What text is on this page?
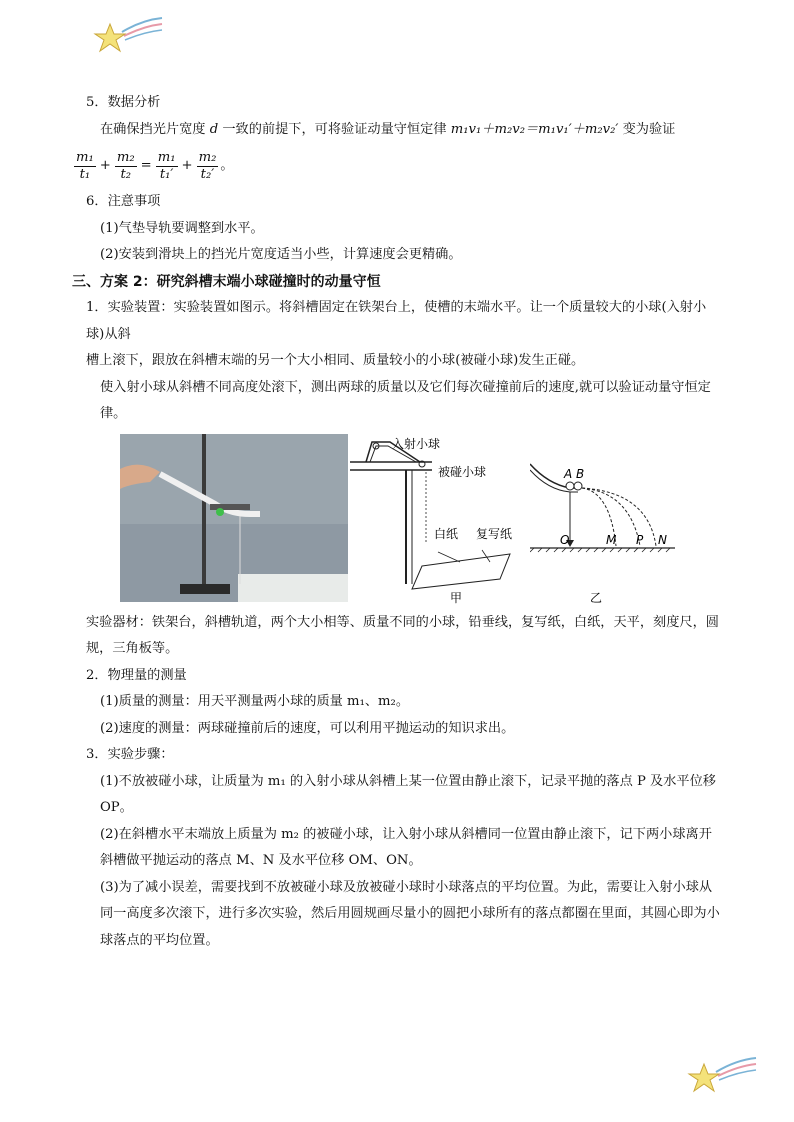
5．数据分析

在确保挡光片宽度 d 一致的前提下，可将验证动量守恒定律 m₁v₁＋m₂v₂＝m₁v₁′＋m₂v₂′ 变为验证

$\frac{\text{m₁}}{\text{t₁}} + \frac{\text{m₂}}{\text{t₂}} = \frac{\text{m₁}}{\text{t₁′}} + \frac{\text{m₂}}{\text{t₂′}}$ 。

6．注意事项

(1)气垫导轨要调整到水平。

(2)安装到滑块上的挡光片宽度适当小些，计算速度会更精确。

三、方案 2：研究斜槽末端小球碰撞时的动量守恒

1．实验装置：实验装置如图示。将斜槽固定在铁架台上，使槽的末端水平。让一个质量较大的小球(入射小球)从斜

槽上滚下，跟放在斜槽末端的另一个大小相同、质量较小的小球(被碰小球)发生正碰。

使入射小球从斜槽不同高度处滚下，测出两球的质量以及它们每次碰撞前后的速度,就可以验证动量守恒定律。

入射小球
被碰小球
白纸 复写纸
甲
A B
O	M P N
乙

实验器材：铁架台，斜槽轨道，两个大小相等、质量不同的小球，铅垂线，复写纸，白纸，天平，刻度尺，圆规，三角板等。

2．物理量的测量

(1)质量的测量：用天平测量两小球的质量 m₁、m₂。

(2)速度的测量：两球碰撞前后的速度，可以利用平抛运动的知识求出。

3．实验步骤：

(1)不放被碰小球，让质量为 m₁ 的入射小球从斜槽上某一位置由静止滚下，记录平抛的落点 P 及水平位移 OP。

(2)在斜槽水平末端放上质量为 m₂ 的被碰小球，让入射小球从斜槽同一位置由静止滚下，记下两小球离开斜槽做平抛运动的落点 M、N 及水平位移 OM、ON。

(3)为了减小误差，需要找到不放被碰小球及放被碰小球时小球落点的平均位置。为此，需要让入射小球从同一高度多次滚下，进行多次实验，然后用圆规画尽量小的圆把小球所有的落点都圈在里面，其圆心即为小球落点的平均位置。
